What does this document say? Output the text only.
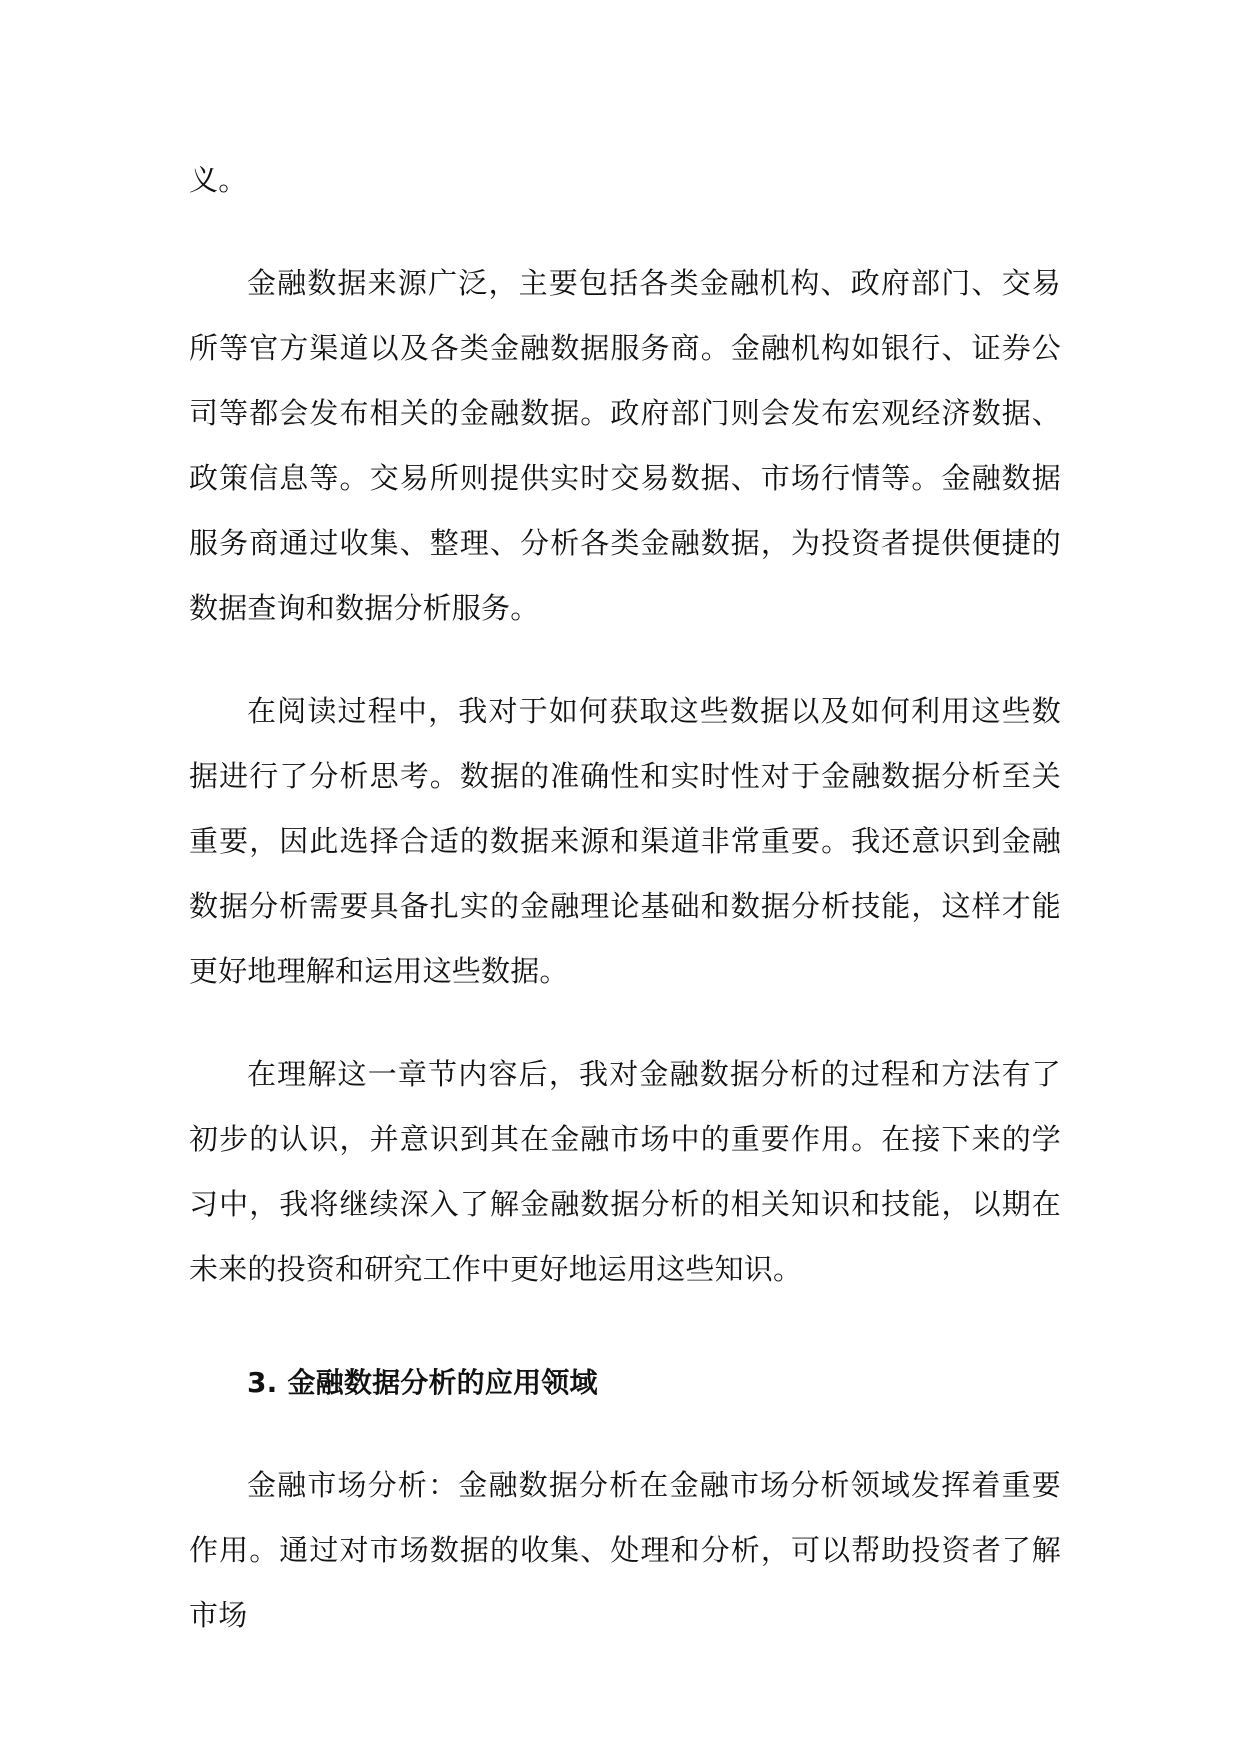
义。

金融数据来源广泛，主要包括各类金融机构、政府部门、交易所等官方渠道以及各类金融数据服务商。金融机构如银行、证券公司等都会发布相关的金融数据。政府部门则会发布宏观经济数据、政策信息等。交易所则提供实时交易数据、市场行情等。金融数据服务商通过收集、整理、分析各类金融数据，为投资者提供便捷的数据查询和数据分析服务。

在阅读过程中，我对于如何获取这些数据以及如何利用这些数据进行了分析思考。数据的准确性和实时性对于金融数据分析至关重要，因此选择合适的数据来源和渠道非常重要。我还意识到金融数据分析需要具备扎实的金融理论基础和数据分析技能，这样才能更好地理解和运用这些数据。

在理解这一章节内容后，我对金融数据分析的过程和方法有了初步的认识，并意识到其在金融市场中的重要作用。在接下来的学习中，我将继续深入了解金融数据分析的相关知识和技能，以期在未来的投资和研究工作中更好地运用这些知识。

3. 金融数据分析的应用领域

金融市场分析：金融数据分析在金融市场分析领域发挥着重要作用。通过对市场数据的收集、处理和分析，可以帮助投资者了解市场
